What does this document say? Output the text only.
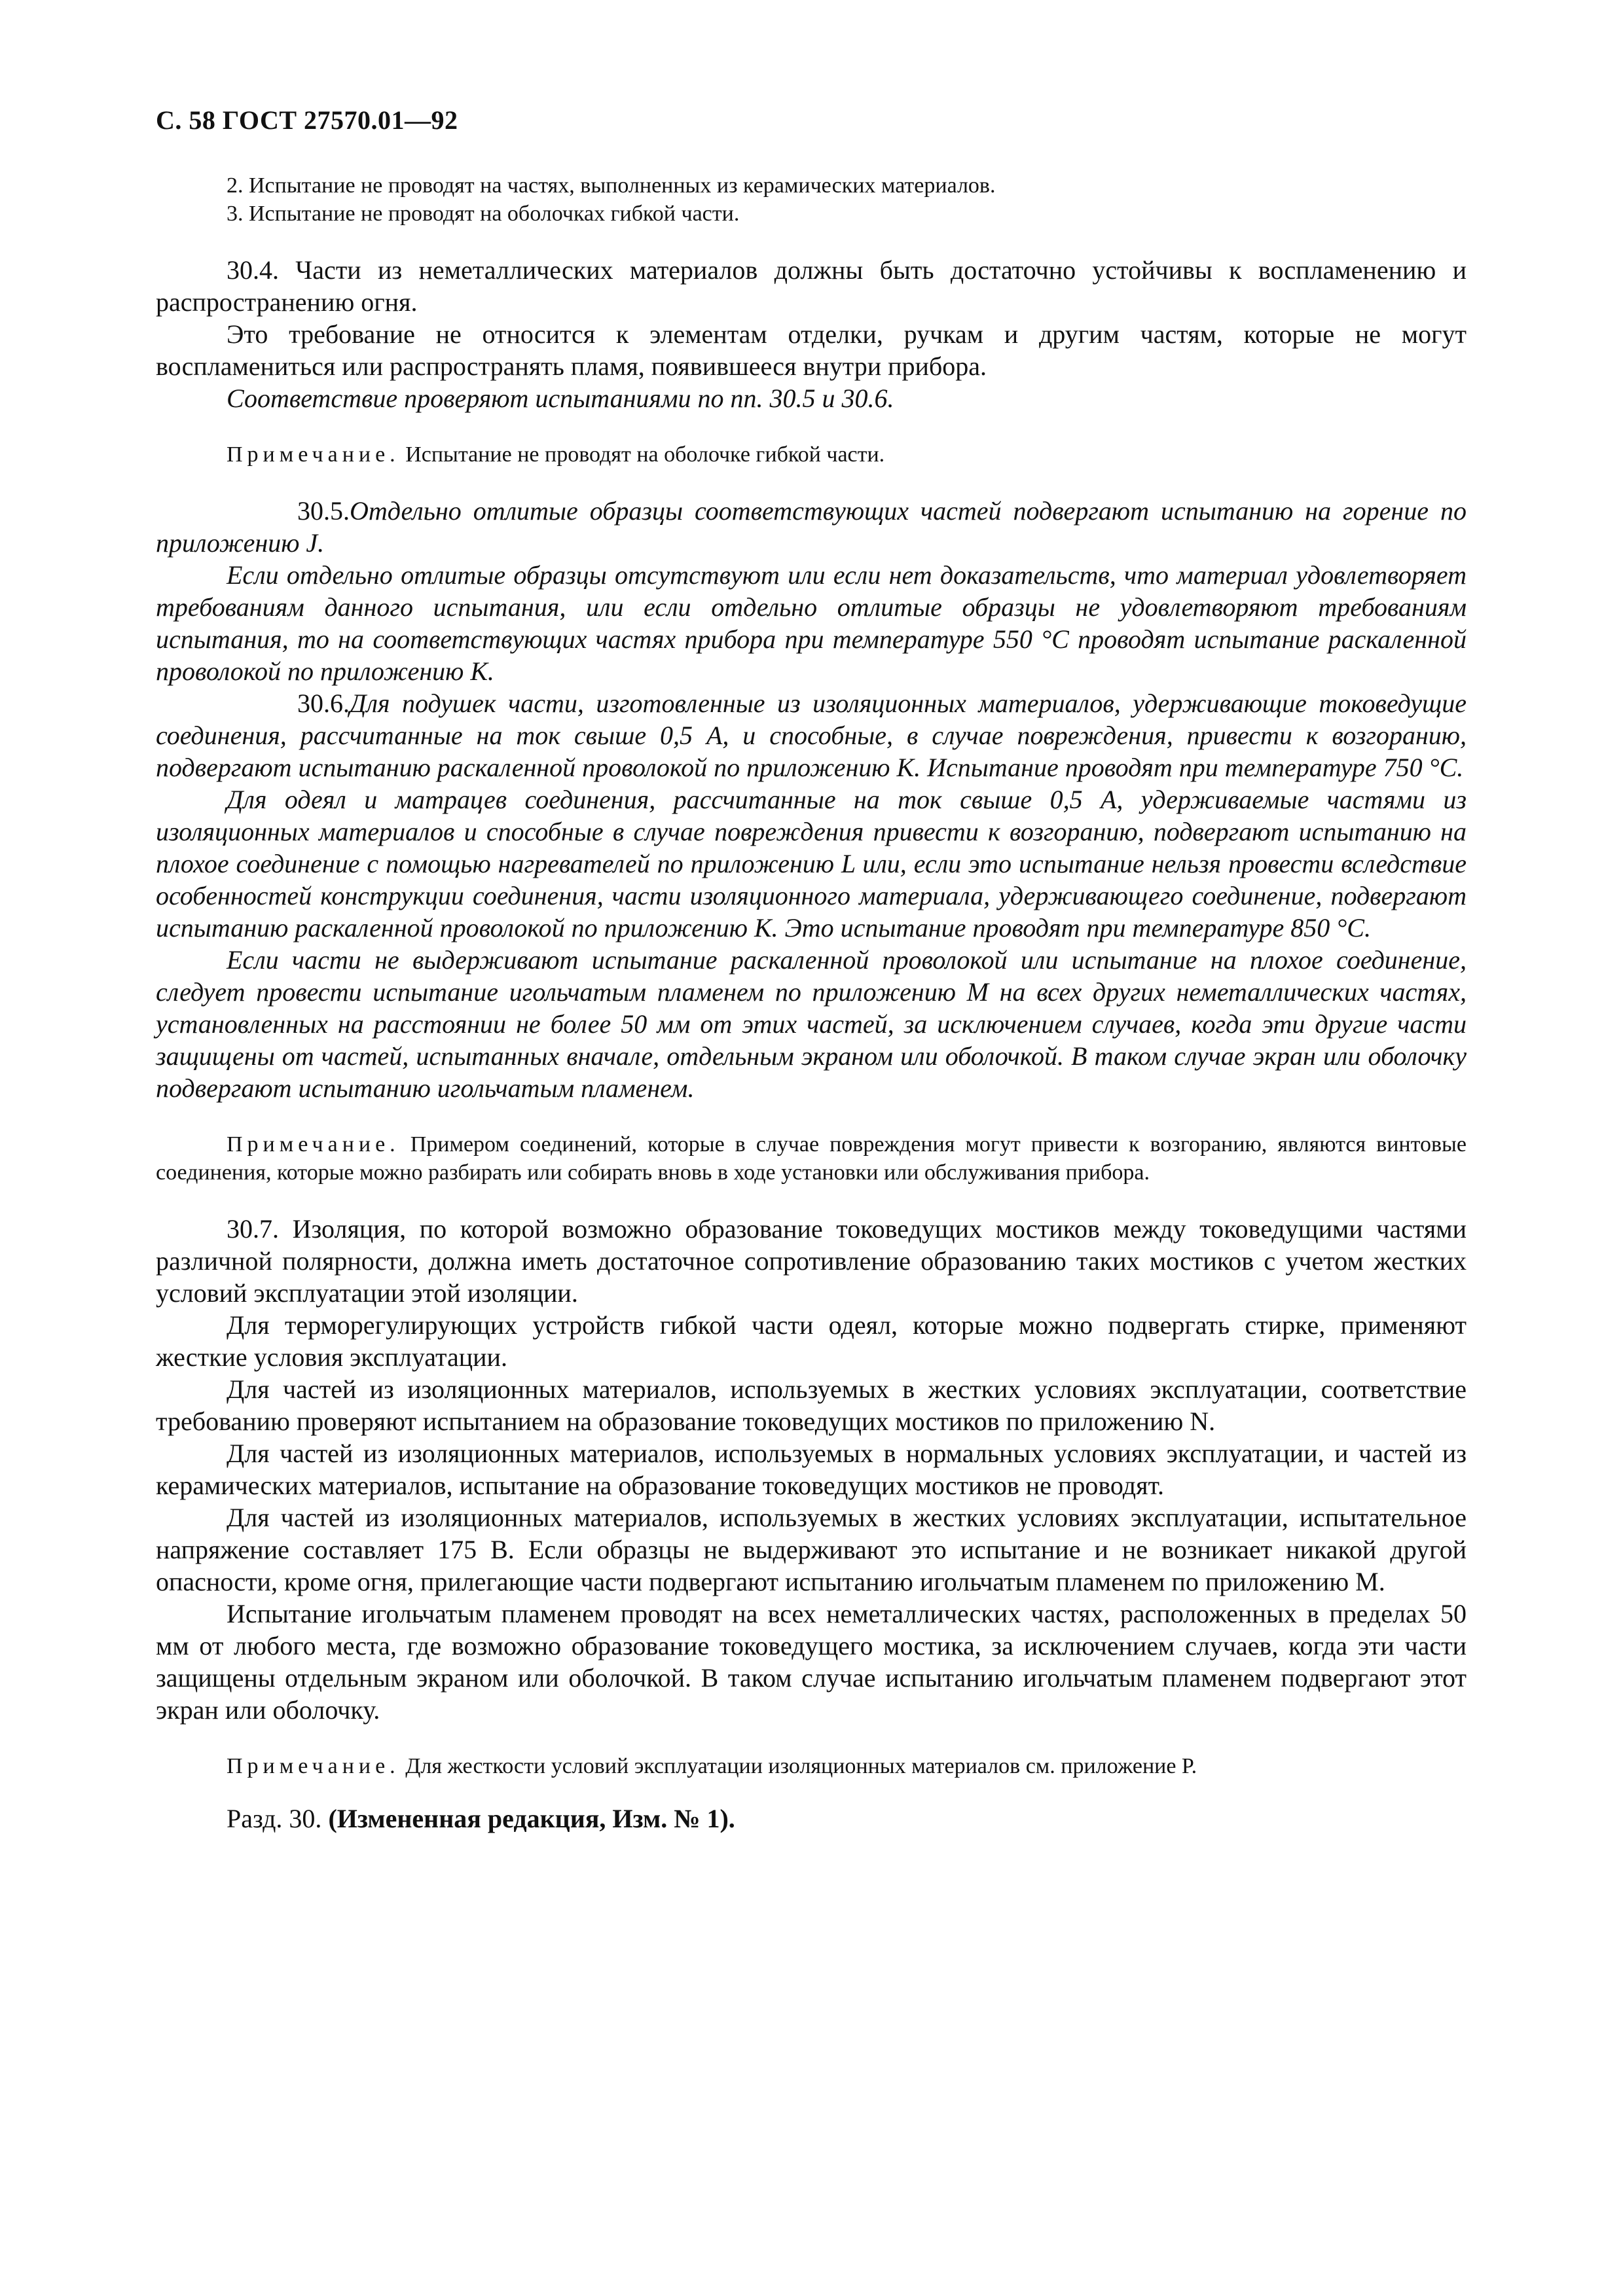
С. 58 ГОСТ 27570.01—92

2. Испытание не проводят на частях, выполненных из керамических материалов.

3. Испытание не проводят на оболочках гибкой части.

30.4. Части из неметаллических материалов должны быть достаточно устойчивы к воспламенению и распространению огня.

Это требование не относится к элементам отделки, ручкам и другим частям, которые не могут воспламениться или распространять пламя, появившееся внутри прибора.

Соответствие проверяют испытаниями по пп. 30.5 и 30.6.

Примечание. Испытание не проводят на оболочке гибкой части.

30.5.Отдельно отлитые образцы соответствующих частей подвергают испытанию на горение по приложению J.

Если отдельно отлитые образцы отсутствуют или если нет доказательств, что материал удовлетворяет требованиям данного испытания, или если отдельно отлитые образцы не удовлетворяют требованиям испытания, то на соответствующих частях прибора при температуре 550 °С проводят испытание раскаленной проволокой по приложению К.

30.6.Для подушек части, изготовленные из изоляционных материалов, удерживающие токоведущие соединения, рассчитанные на ток свыше 0,5 А, и способные, в случае повреждения, привести к возгоранию, подвергают испытанию раскаленной проволокой по приложению К. Испытание проводят при температуре 750 °С.

Для одеял и матрацев соединения, рассчитанные на ток свыше 0,5 А, удерживаемые частями из изоляционных материалов и способные в случае повреждения привести к возгоранию, подвергают испытанию на плохое соединение с помощью нагревателей по приложению L или, если это испытание нельзя провести вследствие особенностей конструкции соединения, части изоляционного материала, удерживающего соединение, подвергают испытанию раскаленной проволокой по приложению К. Это испытание проводят при температуре 850 °С.

Если части не выдерживают испытание раскаленной проволокой или испытание на плохое соединение, следует провести испытание игольчатым пламенем по приложению М на всех других неметаллических частях, установленных на расстоянии не более 50 мм от этих частей, за исключением случаев, когда эти другие части защищены от частей, испытанных вначале, отдельным экраном или оболочкой. В таком случае экран или оболочку подвергают испытанию игольчатым пламенем.

Примечание. Примером соединений, которые в случае повреждения могут привести к возгоранию, являются винтовые соединения, которые можно разбирать или собирать вновь в ходе установки или обслуживания прибора.

30.7. Изоляция, по которой возможно образование токоведущих мостиков между токоведущими частями различной полярности, должна иметь достаточное сопротивление образованию таких мостиков с учетом жестких условий эксплуатации этой изоляции.

Для терморегулирующих устройств гибкой части одеял, которые можно подвергать стирке, применяют жесткие условия эксплуатации.

Для частей из изоляционных материалов, используемых в жестких условиях эксплуатации, соответствие требованию проверяют испытанием на образование токоведущих мостиков по приложению N.

Для частей из изоляционных материалов, используемых в нормальных условиях эксплуатации, и частей из керамических материалов, испытание на образование токоведущих мостиков не проводят.

Для частей из изоляционных материалов, используемых в жестких условиях эксплуатации, испытательное напряжение составляет 175 В. Если образцы не выдерживают это испытание и не возникает никакой другой опасности, кроме огня, прилегающие части подвергают испытанию игольчатым пламенем по приложению М.

Испытание игольчатым пламенем проводят на всех неметаллических частях, расположенных в пределах 50 мм от любого места, где возможно образование токоведущего мостика, за исключением случаев, когда эти части защищены отдельным экраном или оболочкой. В таком случае испытанию игольчатым пламенем подвергают этот экран или оболочку.

Примечание. Для жесткости условий эксплуатации изоляционных материалов см. приложение Р.

Разд. 30. (Измененная редакция, Изм. № 1).
